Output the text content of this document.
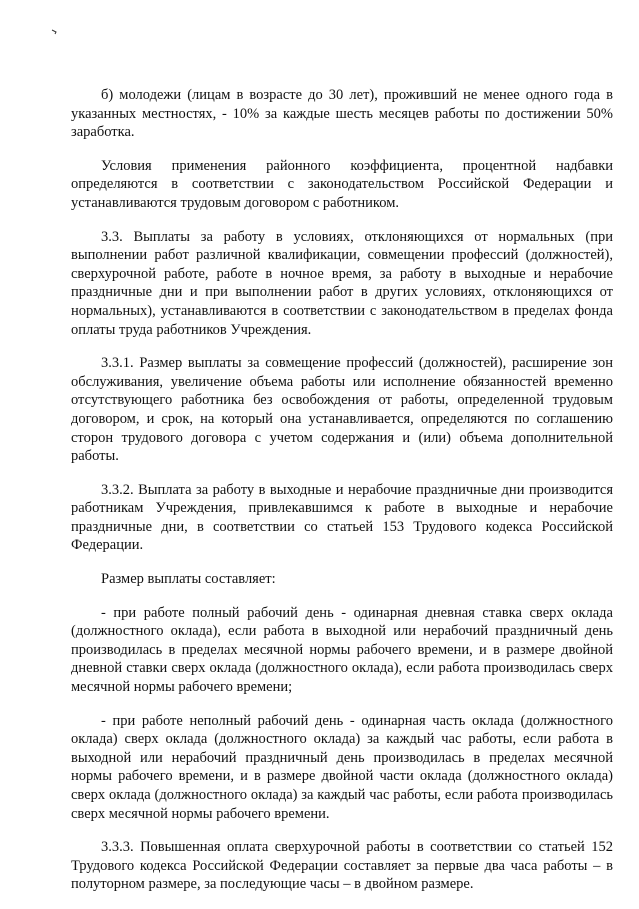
б) молодежи (лицам в возрасте до 30 лет), проживший не менее одного года в указанных местностях, - 10% за каждые шесть месяцев работы по достижении 50% заработка.

Условия применения районного коэффициента, процентной надбавки определяются в соответствии с законодательством Российской Федерации и устанавливаются трудовым договором с работником.

3.3. Выплаты за работу в условиях, отклоняющихся от нормальных (при выполнении работ различной квалификации, совмещении профессий (должностей), сверхурочной работе, работе в ночное время, за работу в выходные и нерабочие праздничные дни и при выполнении работ в других условиях, отклоняющихся от нормальных), устанавливаются в соответствии с законодательством в пределах фонда оплаты труда работников Учреждения.

3.3.1. Размер выплаты за совмещение профессий (должностей), расширение зон обслуживания, увеличение объема работы или исполнение обязанностей временно отсутствующего работника без освобождения от работы, определенной трудовым договором, и срок, на который она устанавливается, определяются по соглашению сторон трудового договора с учетом содержания и (или) объема дополнительной работы.

3.3.2. Выплата за работу в выходные и нерабочие праздничные дни производится работникам Учреждения, привлекавшимся к работе в выходные и нерабочие праздничные дни, в соответствии со статьей 153 Трудового кодекса Российской Федерации.

Размер выплаты составляет:

- при работе полный рабочий день - одинарная дневная ставка сверх оклада (должностного оклада), если работа в выходной или нерабочий праздничный день производилась в пределах месячной нормы рабочего времени, и в размере двойной дневной ставки сверх оклада (должностного оклада), если работа производилась сверх месячной нормы рабочего времени;

- при работе неполный рабочий день - одинарная часть оклада (должностного оклада) сверх оклада (должностного оклада) за каждый час работы, если работа в выходной или нерабочий праздничный день производилась в пределах месячной нормы рабочего времени, и в размере двойной части оклада (должностного оклада) сверх оклада (должностного оклада) за каждый час работы, если работа производилась сверх месячной нормы рабочего времени.

3.3.3. Повышенная оплата сверхурочной работы в соответствии со статьей 152 Трудового кодекса Российской Федерации составляет за первые два часа работы – в полуторном размере, за последующие часы – в двойном размере.
